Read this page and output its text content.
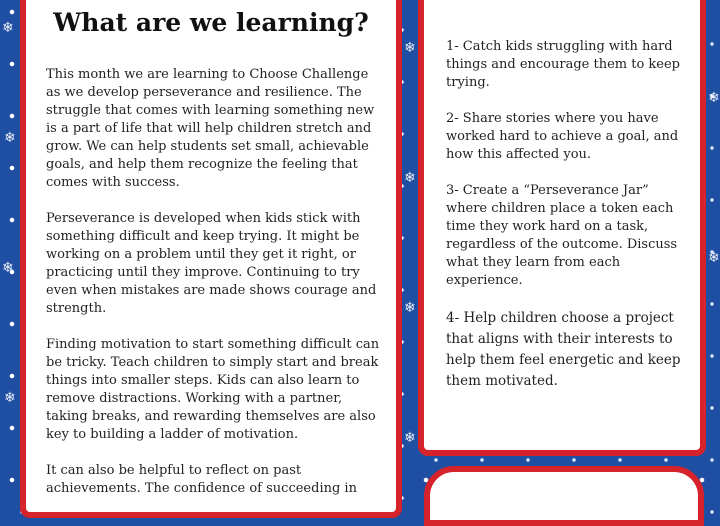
❄
❄
❄
❄
❄
❄
❄
❄
❄
❄
What are we learning?

This month we are learning to Choose Challenge as we develop perseverance and resilience. The struggle that comes with learning something new is a part of life that will help children stretch and grow. We can help students set small, achievable goals, and help them recognize the feeling that comes with success.

Perseverance is developed when kids stick with something difficult and keep trying. It might be working on a problem until they get it right, or practicing until they improve. Continuing to try even when mistakes are made shows courage and strength.

Finding motivation to start something difficult can be tricky. Teach children to simply start and break things into smaller steps. Kids can also learn to remove distractions. Working with a partner, taking breaks, and rewarding themselves are also key to building a ladder of motivation.

It can also be helpful to reflect on past achievements. The confidence of succeeding in

1- Catch kids struggling with hard things and encourage them to keep trying.

2- Share stories where you have worked hard to achieve a goal, and how this affected you.

3- Create a “Perseverance Jar” where children place a token each time they work hard on a task, regardless of the outcome. Discuss what they learn from each experience.

4- Help children choose a project that aligns with their interests to help them feel energetic and keep them motivated.
